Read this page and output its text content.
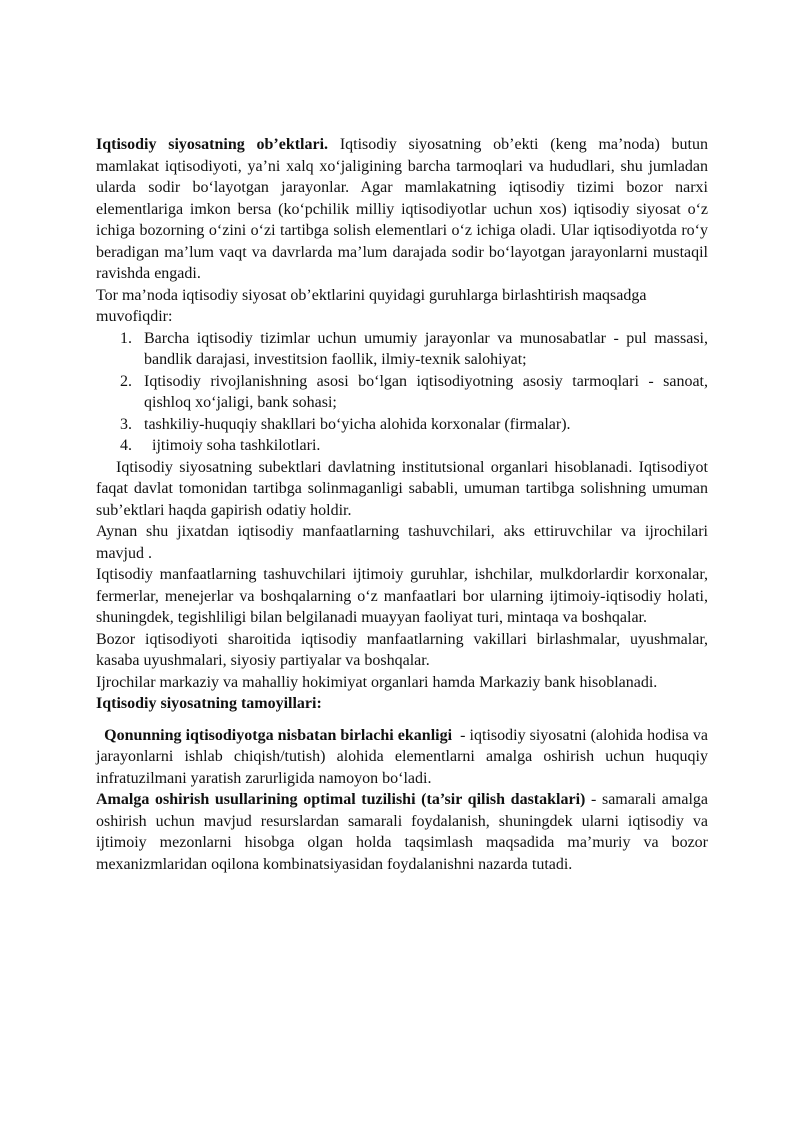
Iqtisodiy siyosatning ob’ektlari. Iqtisodiy siyosatning ob’ekti (keng ma’noda) butun mamlakat iqtisodiyoti, ya’ni xalq xo‘jaligining barcha tarmoqlari va hududlari, shu jumladan ularda sodir bo‘layotgan jarayonlar. Agar mamlakatning iqtisodiy tizimi bozor narxi elementlariga imkon bersa (ko‘pchilik milliy iqtisodiyotlar uchun xos) iqtisodiy siyosat o‘z ichiga bozorning o‘zini o‘zi tartibga solish elementlari o‘z ichiga oladi. Ular iqtisodiyotda ro‘y beradigan ma’lum vaqt va davrlarda ma’lum darajada sodir bo‘layotgan jarayonlarni mustaqil ravishda engadi.

Tor ma’noda iqtisodiy siyosat ob’ektlarini quyidagi guruhlarga birlashtirish maqsadga muvofiqdir:

1. Barcha iqtisodiy tizimlar uchun umumiy jarayonlar va munosabatlar - pul massasi, bandlik darajasi, investitsion faollik, ilmiy-texnik salohiyat;
2. Iqtisodiy rivojlanishning asosi bo‘lgan iqtisodiyotning asosiy tarmoqlari - sanoat, qishloq xo‘jaligi, bank sohasi;
3. tashkiliy-huquqiy shakllari bo‘yicha alohida korxonalar (firmalar).
4. ijtimoiy soha tashkilotlari.

Iqtisodiy siyosatning subektlari davlatning institutsional organlari hisoblanadi. Iqtisodiyot faqat davlat tomonidan tartibga solinmaganligi sababli, umuman tartibga solishning umuman sub’ektlari haqda gapirish odatiy holdir.

Aynan shu jixatdan iqtisodiy manfaatlarning tashuvchilari, aks ettiruvchilar va ijrochilari mavjud .

Iqtisodiy manfaatlarning tashuvchilari ijtimoiy guruhlar, ishchilar, mulkdorlardir korxonalar, fermerlar, menejerlar va boshqalarning o‘z manfaatlari bor ularning ijtimoiy-iqtisodiy holati, shuningdek, tegishliligi bilan belgilanadi muayyan faoliyat turi, mintaqa va boshqalar.

Bozor iqtisodiyoti sharoitida iqtisodiy manfaatlarning vakillari birlashmalar, uyushmalar, kasaba uyushmalari, siyosiy partiyalar va boshqalar.

Ijrochilar markaziy va mahalliy hokimiyat organlari hamda Markaziy bank hisoblanadi.

Iqtisodiy siyosatning tamoyillari:

Qonunning iqtisodiyotga nisbatan birlachi ekanligi  - iqtisodiy siyosatni (alohida hodisa va jarayonlarni ishlab chiqish/tutish) alohida elementlarni amalga oshirish uchun huquqiy infratuzilmani yaratish zarurligida namoyon bo‘ladi.

Amalga oshirish usullarining optimal tuzilishi (ta’sir qilish dastaklari) - samarali amalga oshirish uchun mavjud resurslardan samarali foydalanish, shuningdek ularni iqtisodiy va ijtimoiy mezonlarni hisobga olgan holda taqsimlash maqsadida ma’muriy va bozor mexanizmlaridan oqilona kombinatsiyasidan foydalanishni nazarda tutadi.
